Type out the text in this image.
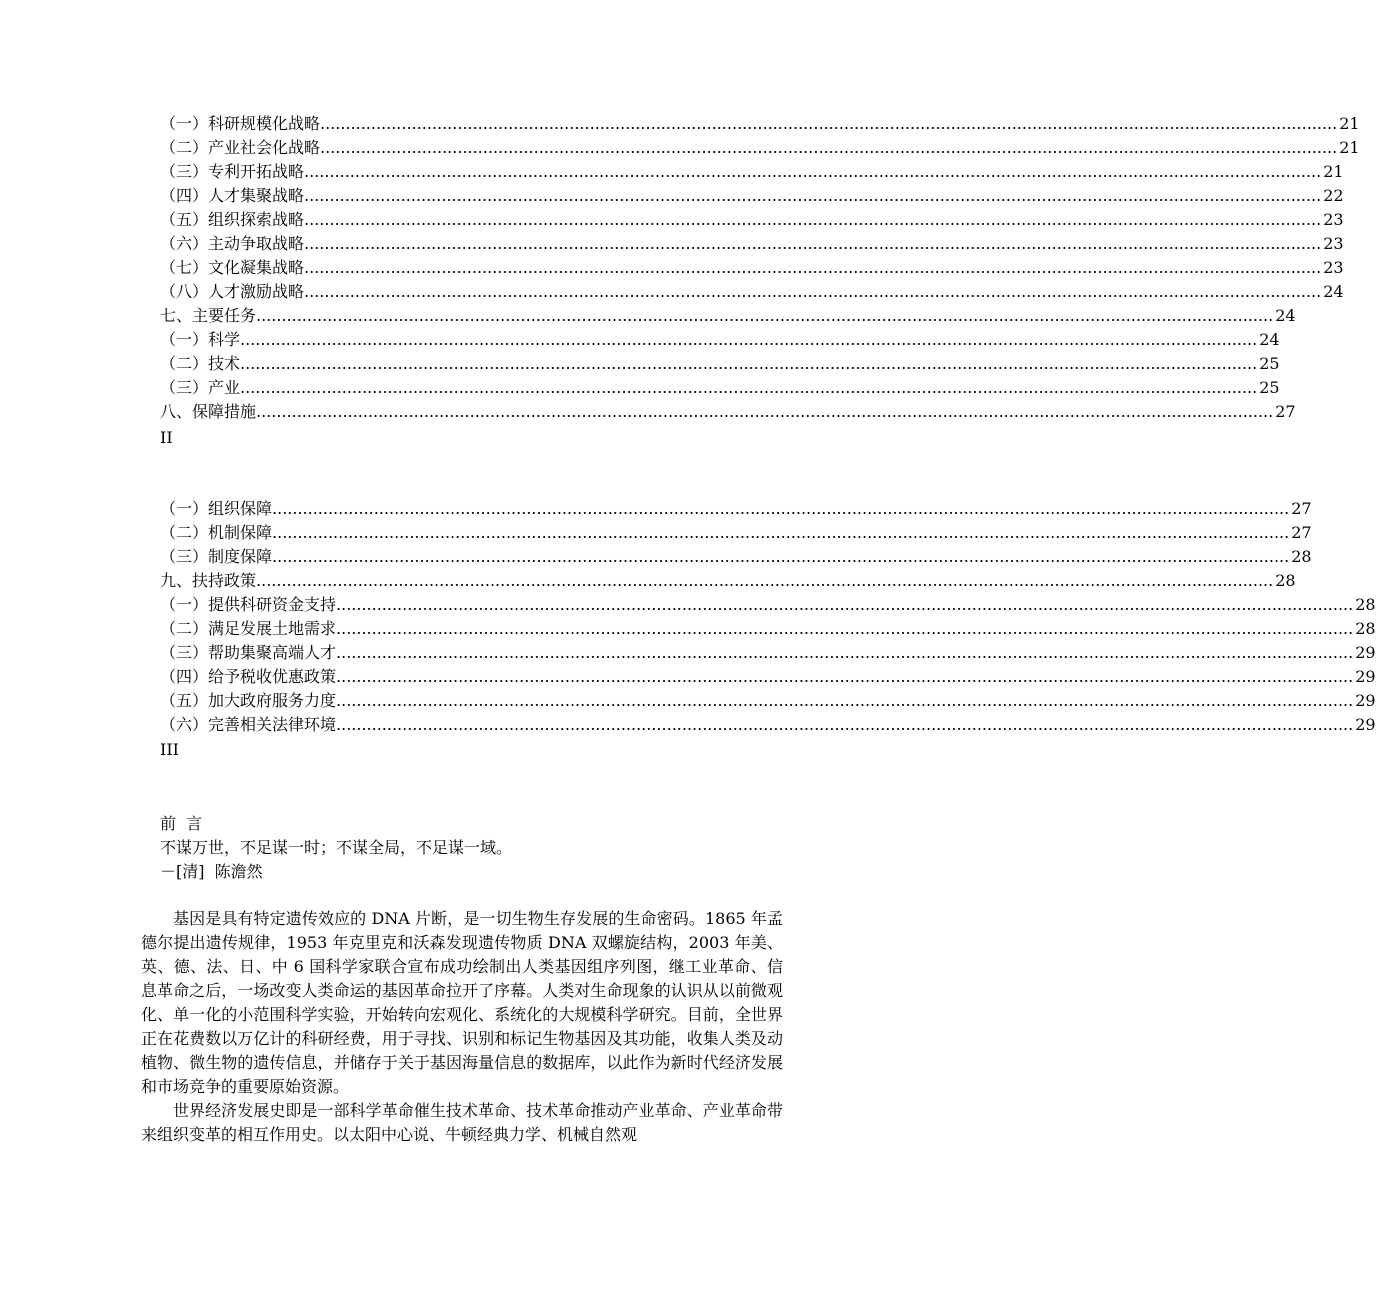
（一）科研规模化战略 ........................................................................................................................................................................................................ 21
（二）产业社会化战略 ........................................................................................................................................................................................................ 21
（三）专利开拓战略 ........................................................................................................................................................................................................ 21
（四）人才集聚战略 ........................................................................................................................................................................................................ 22
（五）组织探索战略 ........................................................................................................................................................................................................ 23
（六）主动争取战略 ........................................................................................................................................................................................................ 23
（七）文化凝集战略 ........................................................................................................................................................................................................ 23
（八）人才激励战略 ........................................................................................................................................................................................................ 24
七、主要任务 ........................................................................................................................................................................................................ 24
（一）科学 ........................................................................................................................................................................................................ 24
（二）技术 ........................................................................................................................................................................................................ 25
（三）产业 ........................................................................................................................................................................................................ 25
八、保障措施 ........................................................................................................................................................................................................ 27
II
（一）组织保障 ........................................................................................................................................................................................................ 27
（二）机制保障 ........................................................................................................................................................................................................ 27
（三）制度保障 ........................................................................................................................................................................................................ 28
九、扶持政策 ........................................................................................................................................................................................................ 28
（一）提供科研资金支持 ........................................................................................................................................................................................................ 28
（二）满足发展土地需求 ........................................................................................................................................................................................................ 28
（三）帮助集聚高端人才 ........................................................................................................................................................................................................ 29
（四）给予税收优惠政策 ........................................................................................................................................................................................................ 29
（五）加大政府服务力度 ........................................................................................................................................................................................................ 29
（六）完善相关法律环境 ........................................................................................................................................................................................................ 29
III
前  言
不谋万世，不足谋一时；不谋全局，不足谋一域。
－[清]  陈澹然

基因是具有特定遗传效应的 DNA 片断，是一切生物生存发展的生命密码。1865 年孟德尔提出遗传规律，1953 年克里克和沃森发现遗传物质 DNA 双螺旋结构，2003 年美、英、德、法、日、中 6 国科学家联合宣布成功绘制出人类基因组序列图，继工业革命、信息革命之后，一场改变人类命运的基因革命拉开了序幕。人类对生命现象的认识从以前微观化、单一化的小范围科学实验，开始转向宏观化、系统化的大规模科学研究。目前，全世界正在花费数以万亿计的科研经费，用于寻找、识别和标记生物基因及其功能，收集人类及动植物、微生物的遗传信息，并储存于关于基因海量信息的数据库，以此作为新时代经济发展和市场竞争的重要原始资源。

世界经济发展史即是一部科学革命催生技术革命、技术革命推动产业革命、产业革命带来组织变革的相互作用史。以太阳中心说、牛顿经典力学、机械自然观
